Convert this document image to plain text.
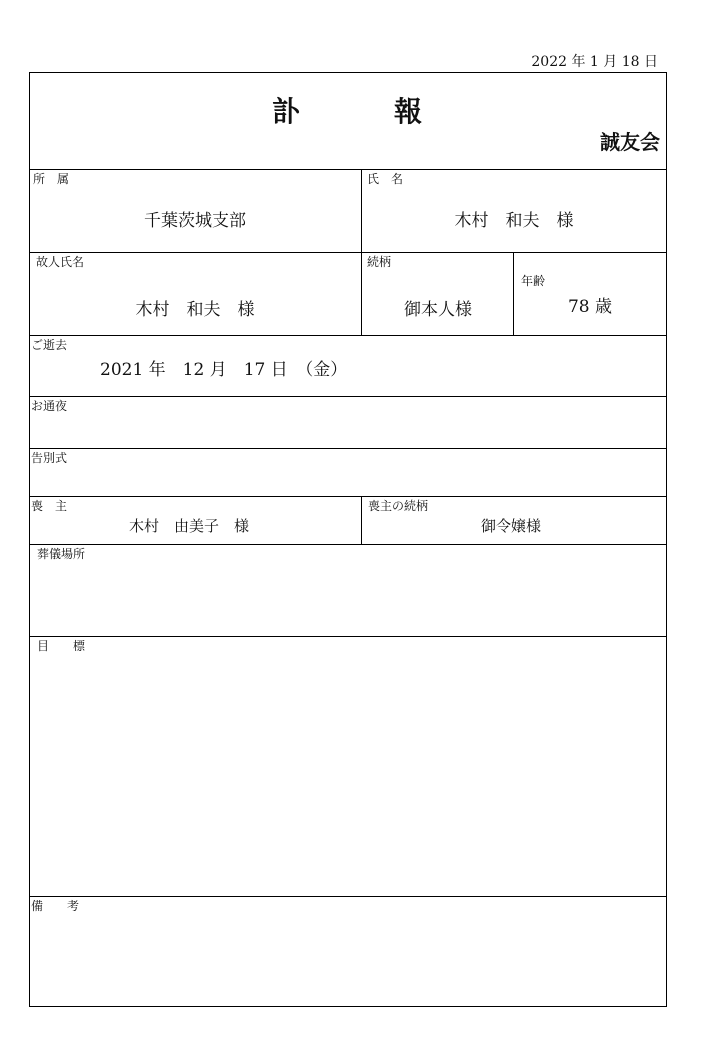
2022 年 1 月 18 日
訃	報
誠友会
所　属
千葉茨城支部
氏　名
木村　和夫　様
故人氏名
木村　和夫　様
続柄
御本人様
年齢
78 歳
ご逝去
2021 年　12 月　17 日　（金）
お通夜
告別式
喪　主
木村　由美子　様
喪主の続柄
御令嬢様
葬儀場所
目　　標
備　　考
